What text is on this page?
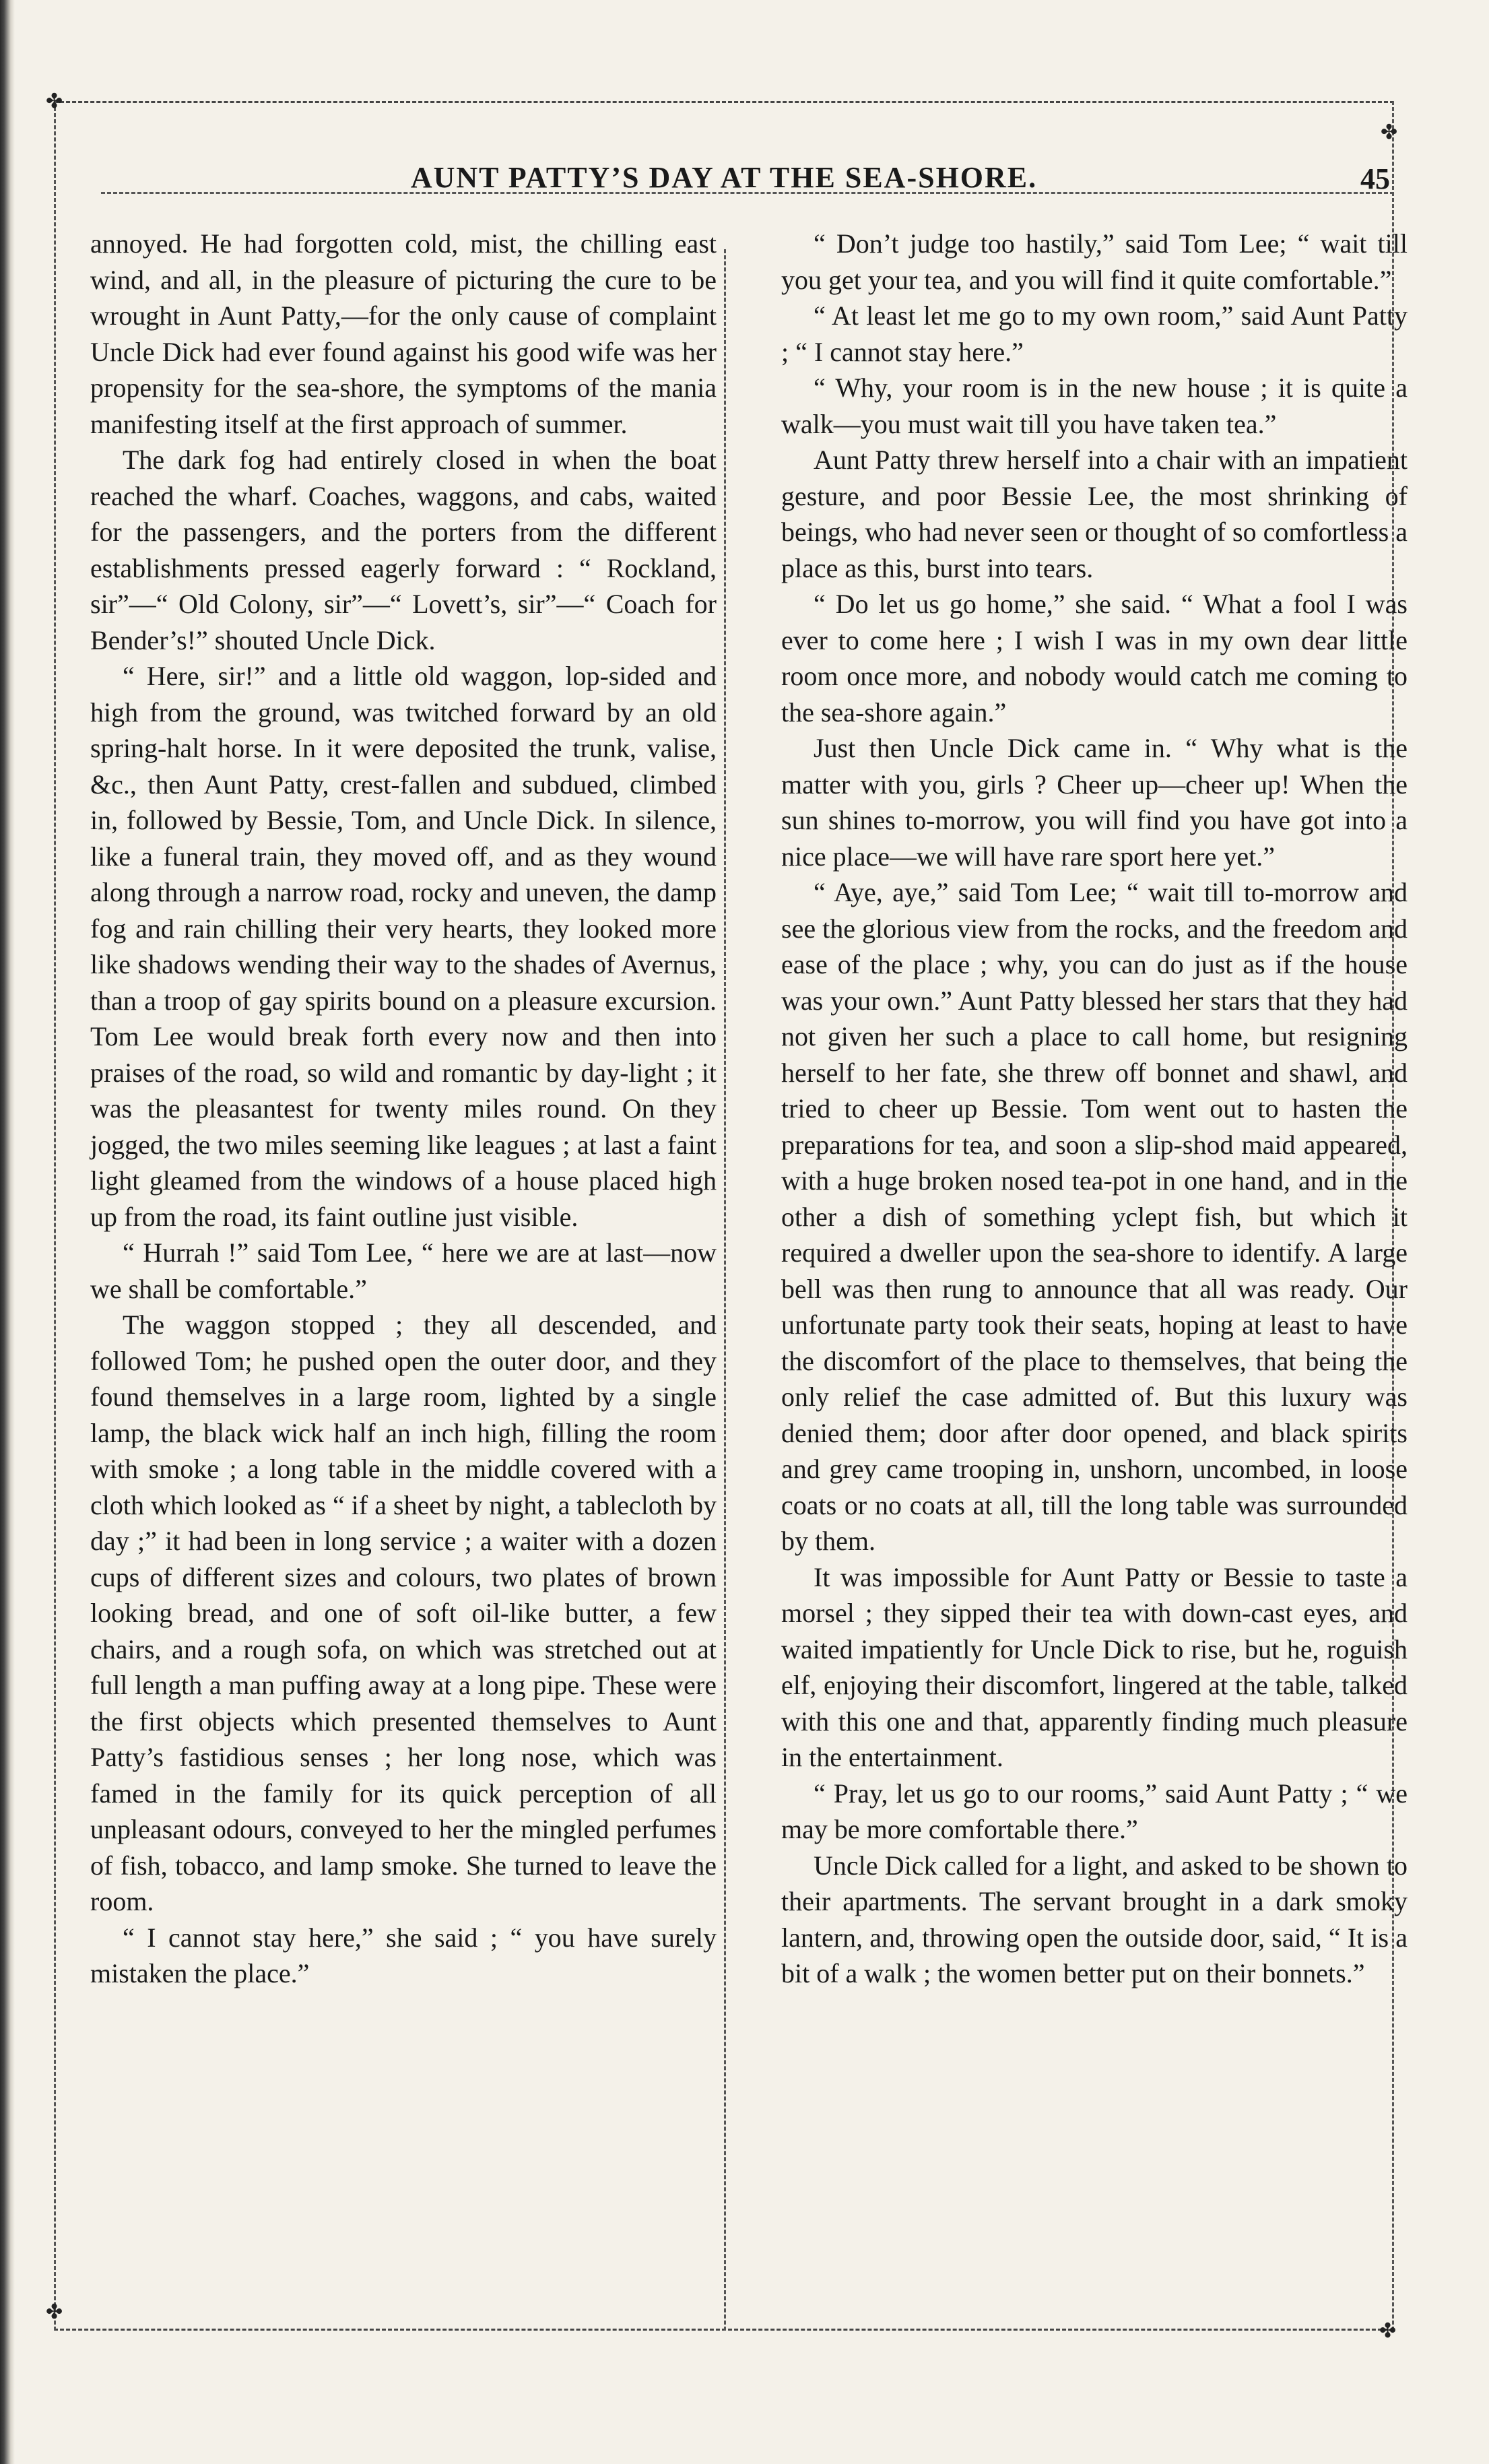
✤
✤
✤
✤
AUNT PATTY’S DAY AT THE SEA-SHORE.	45

annoyed. He had forgotten cold, mist, the chilling east wind, and all, in the pleasure of picturing the cure to be wrought in Aunt Patty,—for the only cause of complaint Uncle Dick had ever found against his good wife was her propensity for the sea-shore, the symptoms of the mania manifesting itself at the first approach of summer.

The dark fog had entirely closed in when the boat reached the wharf. Coaches, waggons, and cabs, waited for the passengers, and the porters from the different establishments pressed eagerly forward : “ Rockland, sir”—“ Old Colony, sir”—“ Lovett’s, sir”—“ Coach for Bender’s!” shouted Uncle Dick.

“ Here, sir!” and a little old waggon, lop-sided and high from the ground, was twitched forward by an old spring-halt horse. In it were deposited the trunk, valise, &c., then Aunt Patty, crest-fallen and subdued, climbed in, followed by Bessie, Tom, and Uncle Dick. In silence, like a funeral train, they moved off, and as they wound along through a narrow road, rocky and uneven, the damp fog and rain chilling their very hearts, they looked more like shadows wending their way to the shades of Avernus, than a troop of gay spirits bound on a pleasure excursion. Tom Lee would break forth every now and then into praises of the road, so wild and romantic by day-light ; it was the pleasantest for twenty miles round. On they jogged, the two miles seeming like leagues ; at last a faint light gleamed from the windows of a house placed high up from the road, its faint outline just visible.

“ Hurrah !” said Tom Lee, “ here we are at last—now we shall be comfortable.”

The waggon stopped ; they all descended, and followed Tom; he pushed open the outer door, and they found themselves in a large room, lighted by a single lamp, the black wick half an inch high, filling the room with smoke ; a long table in the middle covered with a cloth which looked as “ if a sheet by night, a tablecloth by day ;” it had been in long service ; a waiter with a dozen cups of different sizes and colours, two plates of brown looking bread, and one of soft oil-like butter, a few chairs, and a rough sofa, on which was stretched out at full length a man puffing away at a long pipe. These were the first objects which presented themselves to Aunt Patty’s fastidious senses ; her long nose, which was famed in the family for its quick perception of all unpleasant odours, conveyed to her the mingled perfumes of fish, tobacco, and lamp smoke. She turned to leave the room.

“ I cannot stay here,” she said ; “ you have surely mistaken the place.”

“ Don’t judge too hastily,” said Tom Lee; “ wait till you get your tea, and you will find it quite comfortable.”

“ At least let me go to my own room,” said Aunt Patty ; “ I cannot stay here.”

“ Why, your room is in the new house ; it is quite a walk—you must wait till you have taken tea.”

Aunt Patty threw herself into a chair with an impatient gesture, and poor Bessie Lee, the most shrinking of beings, who had never seen or thought of so comfortless a place as this, burst into tears.

“ Do let us go home,” she said. “ What a fool I was ever to come here ; I wish I was in my own dear little room once more, and nobody would catch me coming to the sea-shore again.”

Just then Uncle Dick came in. “ Why what is the matter with you, girls ? Cheer up—cheer up! When the sun shines to-morrow, you will find you have got into a nice place—we will have rare sport here yet.”

“ Aye, aye,” said Tom Lee; “ wait till to-morrow and see the glorious view from the rocks, and the freedom and ease of the place ; why, you can do just as if the house was your own.” Aunt Patty blessed her stars that they had not given her such a place to call home, but resigning herself to her fate, she threw off bonnet and shawl, and tried to cheer up Bessie. Tom went out to hasten the preparations for tea, and soon a slip-shod maid appeared, with a huge broken nosed tea-pot in one hand, and in the other a dish of something yclept fish, but which it required a dweller upon the sea-shore to identify. A large bell was then rung to announce that all was ready. Our unfortunate party took their seats, hoping at least to have the discomfort of the place to themselves, that being the only relief the case admitted of. But this luxury was denied them; door after door opened, and black spirits and grey came trooping in, unshorn, uncombed, in loose coats or no coats at all, till the long table was surrounded by them.

It was impossible for Aunt Patty or Bessie to taste a morsel ; they sipped their tea with down-cast eyes, and waited impatiently for Uncle Dick to rise, but he, roguish elf, enjoying their discomfort, lingered at the table, talked with this one and that, apparently finding much pleasure in the entertainment.

“ Pray, let us go to our rooms,” said Aunt Patty ; “ we may be more comfortable there.”

Uncle Dick called for a light, and asked to be shown to their apartments. The servant brought in a dark smoky lantern, and, throwing open the outside door, said, “ It is a bit of a walk ; the women better put on their bonnets.”
